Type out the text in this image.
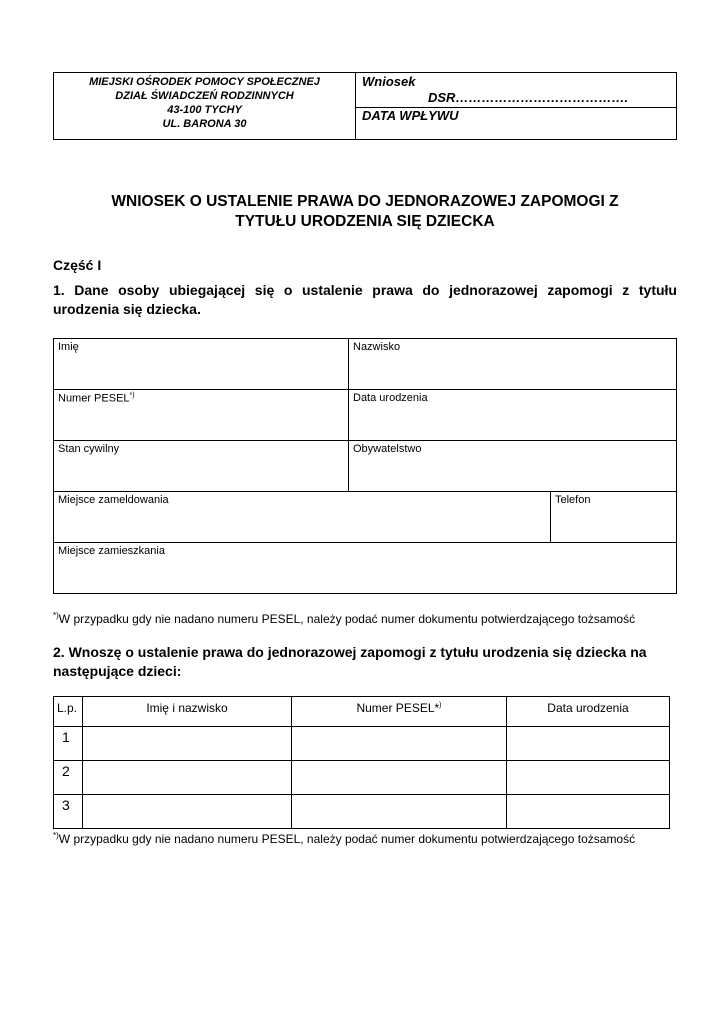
MIEJSKI OŚRODEK POMOCY SPOŁECZNEJ
DZIAŁ ŚWIADCZEŃ RODZINNYCH
43-100 TYCHY
UL. BARONA 30
Wniosek
DSR………………………………….
DATA WPŁYWU
WNIOSEK O USTALENIE PRAWA DO JEDNORAZOWEJ ZAPOMOGI Z
TYTUŁU URODZENIA SIĘ DZIECKA
Część I
1. Dane osoby ubiegającej się o ustalenie prawa do jednorazowej zapomogi z tytułu urodzenia się dziecka.
Imię	Nazwisko
Numer PESEL*)	Data urodzenia
Stan cywilny	Obywatelstwo
Miejsce zameldowania	Telefon
Miejsce zamieszkania
*)W przypadku gdy nie nadano numeru PESEL, należy podać numer dokumentu potwierdzającego tożsamość
2. Wnoszę o ustalenie prawa do jednorazowej zapomogi z tytułu urodzenia się dziecka na następujące dzieci:
L.p.	Imię i nazwisko	Numer PESEL*)	Data urodzenia
1
2
3
*)W przypadku gdy nie nadano numeru PESEL, należy podać numer dokumentu potwierdzającego tożsamość
